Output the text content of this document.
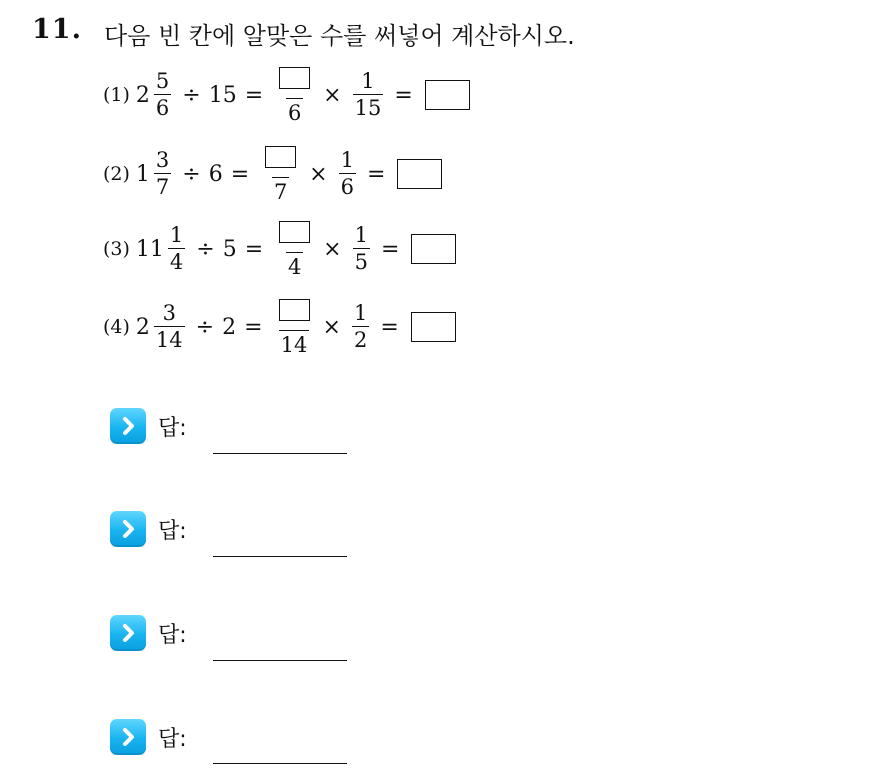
11. 다음 빈 칸에 알맞은 수를 써넣어 계산하시오.
(1) $2 \frac{5}{6} \div 15$ =
6
× $\frac{1}{15}$ =
(2) $1 \frac{3}{7} \div 6$ =
7
× $\frac{1}{6}$ =
(3) $11 \frac{1}{4} \div 5$ =
4
× $\frac{1}{5}$ =
(4) $2 \frac{3}{14} \div 2$ =
14
× $\frac{1}{2}$ =
답:
답:
답:
답:
